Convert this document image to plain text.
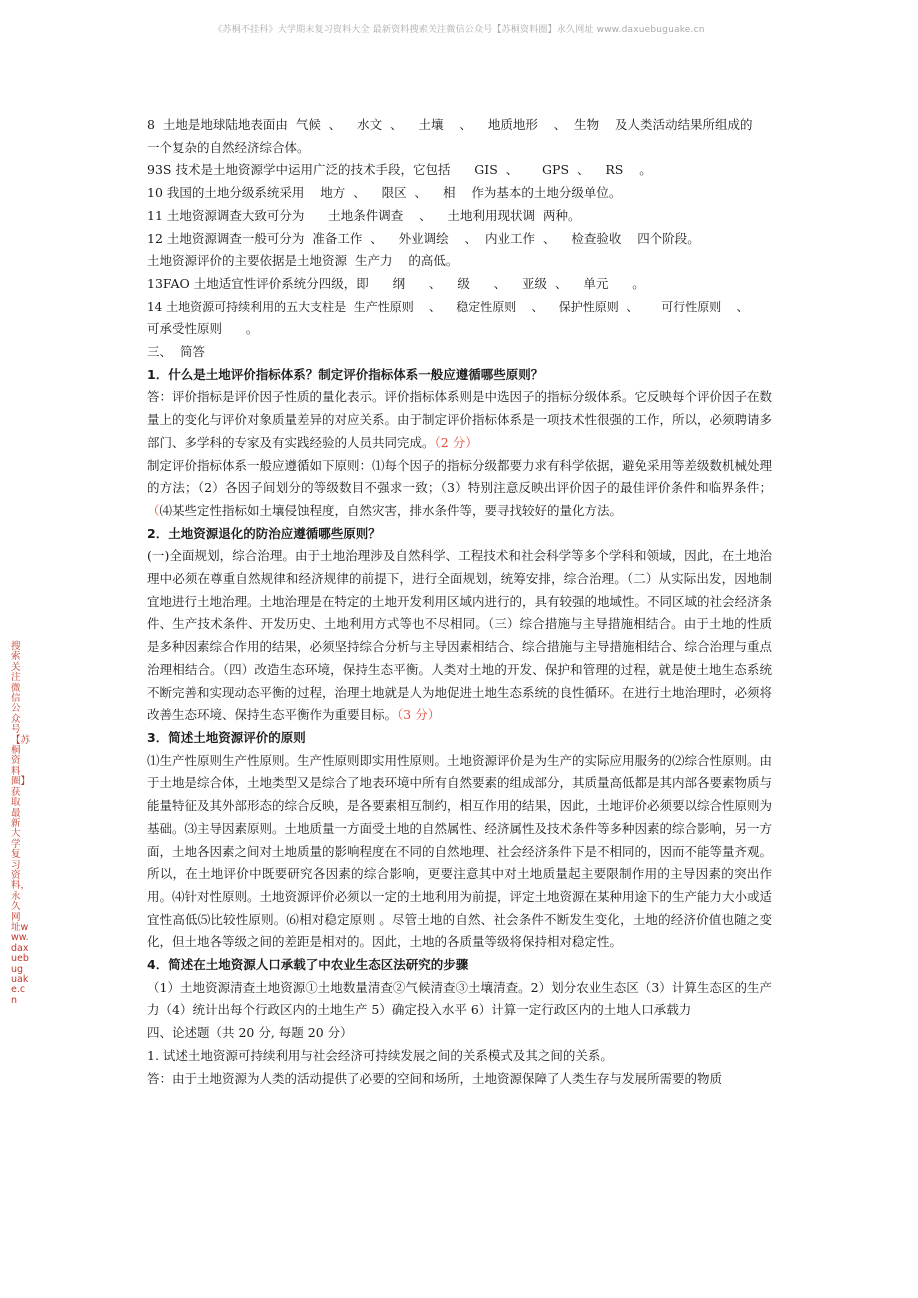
《苏桐不挂科》大学期末复习资料大全 最新资料搜索关注微信公众号【苏桐资料圈】永久网址 www.daxuebuguake.cn
搜索关注微信公众号【苏桐资料圈】获取最新大学复习资料，永久网址www.daxuebuguake.cn

8  土地是地球陆地表面由  气候  、    水文  、    土壤    、    地质地形    、  生物    及人类活动结果所组成的

一个复杂的自然经济综合体。

93S 技术是土地资源学中运用广泛的技术手段，它包括      GIS  、      GPS  、    RS    。

10 我国的土地分级系统采用    地方  、    限区  、    相    作为基本的土地分级单位。

11 土地资源调查大致可分为      土地条件调查    、    土地利用现状调  两种。

12 土地资源调查一般可分为  准备工作  、    外业调绘    、  内业工作  、    检查验收    四个阶段。

土地资源评价的主要依据是土地资源  生产力    的高低。

13FAO 土地适宜性评价系统分四级，即      纲      、    级      、    亚级  、    单元      。

14 土地资源可持续利用的五大支柱是  生产性原则    、    稳定性原则    、    保护性原则  、      可行性原则    、

可承受性原则      。

三、  简答

1．什么是土地评价指标体系？制定评价指标体系一般应遵循哪些原则？

答：评价指标是评价因子性质的量化表示。评价指标体系则是中选因子的指标分级体系。它反映每个评价因子在数量上的变化与评价对象质量差异的对应关系。由于制定评价指标体系是一项技术性很强的工作，所以，必须聘请多部门、多学科的专家及有实践经验的人员共同完成。（2 分）

制定评价指标体系一般应遵循如下原则：⑴每个因子的指标分级都要力求有科学依据，避免采用等差级数机械处理的方法；（2）各因子间划分的等级数目不强求一致；（3）特别注意反映出评价因子的最佳评价条件和临界条件；（⑷某些定性指标如土壤侵蚀程度，自然灾害，排水条件等，要寻找较好的量化方法。

2．土地资源退化的防治应遵循哪些原则？

(一)全面规划，综合治理。由于土地治理涉及自然科学、工程技术和社会科学等多个学科和领域，因此，在土地治理中必须在尊重自然规律和经济规律的前提下，进行全面规划，统筹安排，综合治理。（二）从实际出发，因地制宜地进行土地治理。土地治理是在特定的土地开发利用区域内进行的，具有较强的地域性。不同区域的社会经济条件、生产技术条件、开发历史、土地利用方式等也不尽相同。（三）综合措施与主导措施相结合。由于土地的性质是多种因素综合作用的结果，必须坚持综合分析与主导因素相结合、综合措施与主导措施相结合、综合治理与重点治理相结合。（四）改造生态环境，保持生态平衡。人类对土地的开发、保护和管理的过程，就是使土地生态系统不断完善和实现动态平衡的过程，治理土地就是人为地促进土地生态系统的良性循环。在进行土地治理时，必须将改善生态环境、保持生态平衡作为重要目标。（3 分）

3．简述土地资源评价的原则

⑴生产性原则生产性原则。生产性原则即实用性原则。土地资源评价是为生产的实际应用服务的⑵综合性原则。由于土地是综合体，土地类型又是综合了地表环境中所有自然要素的组成部分，其质量高低都是其内部各要素物质与能量特征及其外部形态的综合反映，是各要素相互制约，相互作用的结果，因此，土地评价必须要以综合性原则为基础。⑶主导因素原则。土地质量一方面受土地的自然属性、经济属性及技术条件等多种因素的综合影响，另一方面，土地各因素之间对土地质量的影响程度在不同的自然地理、社会经济条件下是不相同的，因而不能等量齐观。所以，在土地评价中既要研究各因素的综合影响，更要注意其中对土地质量起主要限制作用的主导因素的突出作用。⑷针对性原则。土地资源评价必须以一定的土地利用为前提，评定土地资源在某种用途下的生产能力大小或适宜性高低⑸比较性原则。⑹相对稳定原则 。尽管土地的自然、社会条件不断发生变化，土地的经济价值也随之变化，但土地各等级之间的差距是相对的。因此，土地的各质量等级将保持相对稳定性。

4．简述在土地资源人口承载了中农业生态区法研究的步骤

（1）土地资源清查土地资源①土地数量清查②气候清查③土壤清查。2）划分农业生态区（3）计算生态区的生产力（4）统计出每个行政区内的土地生产 5）确定投入水平 6）计算一定行政区内的土地人口承载力

四、论述题（共 20 分, 每题 20 分）

1. 试述土地资源可持续利用与社会经济可持续发展之间的关系模式及其之间的关系。

答：由于土地资源为人类的活动提供了必要的空间和场所，土地资源保障了人类生存与发展所需要的物质
